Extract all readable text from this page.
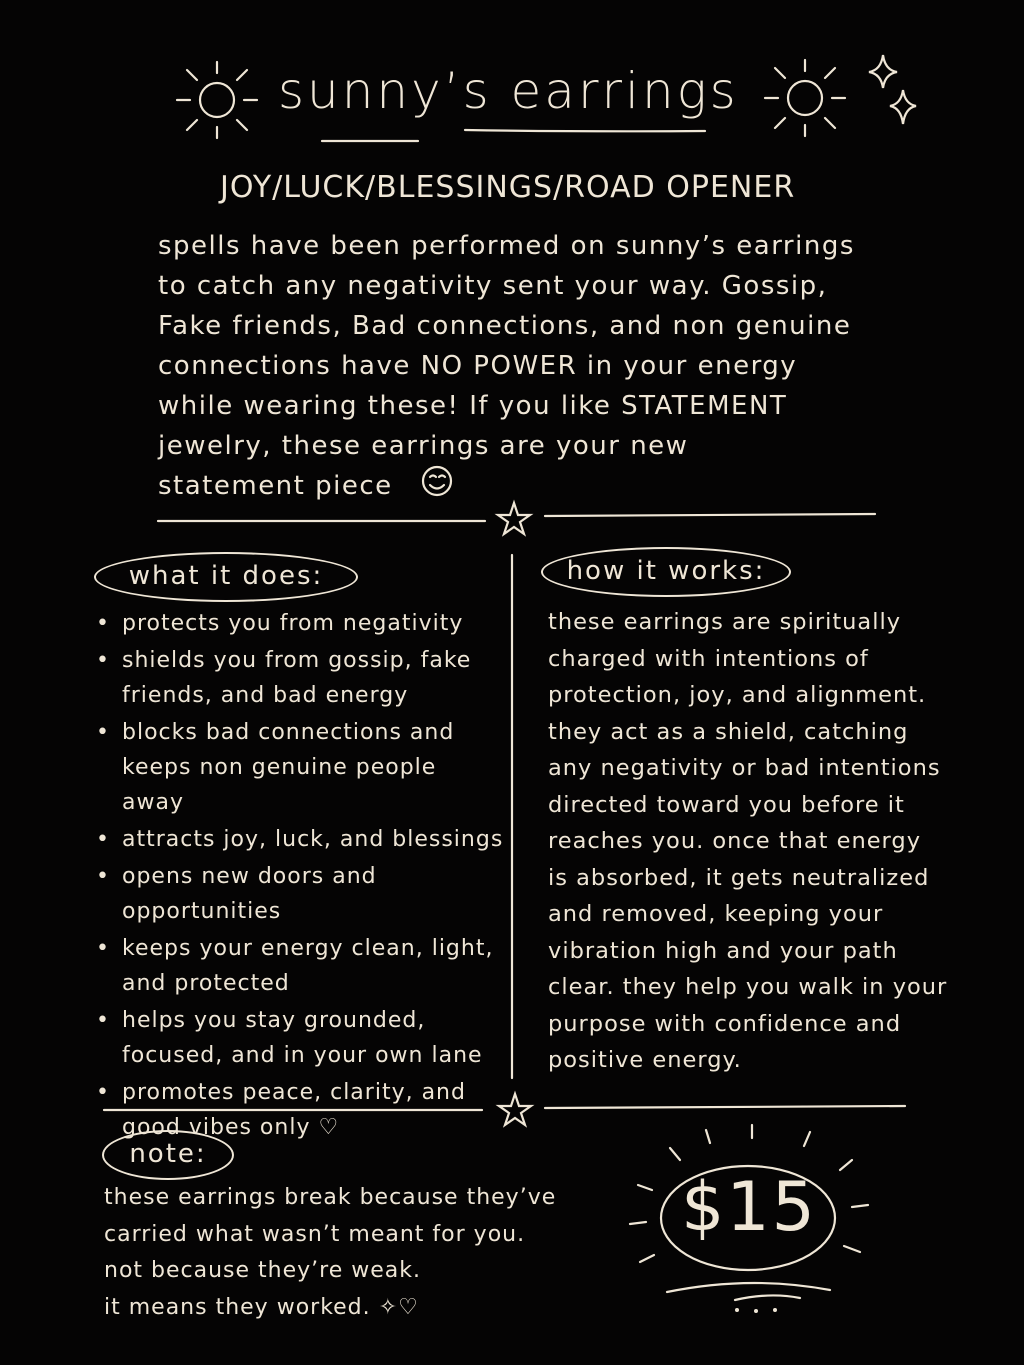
sunny’s earrings
JOY/LUCK/BLESSINGS/ROAD OPENER
spells have been performed on sunny’s earrings
to catch any negativity sent your way. Gossip,
Fake friends, Bad connections, and non genuine
connections have NO POWER in your energy
while wearing these! If you like STATEMENT
jewelry, these earrings are your new
statement piece
what it does:	how it works:
• protects you from negativity
• shields you from gossip, fake friends, and bad energy
• blocks bad connections and keeps non genuine people away
• attracts joy, luck, and blessings
• opens new doors and opportunities
• keeps your energy clean, light, and protected
• helps you stay grounded, focused, and in your own lane
• promotes peace, clarity, and good vibes only ♡
these earrings are spiritually charged with intentions of protection, joy, and alignment. they act as a shield, catching any negativity or bad intentions directed toward you before it reaches you. once that energy is absorbed, it gets neutralized and removed, keeping your vibration high and your path clear. they help you walk in your purpose with confidence and positive energy.
note:
these earrings break because they’ve
carried what wasn’t meant for you.
not because they’re weak.
it means they worked. ✧♡
$15
